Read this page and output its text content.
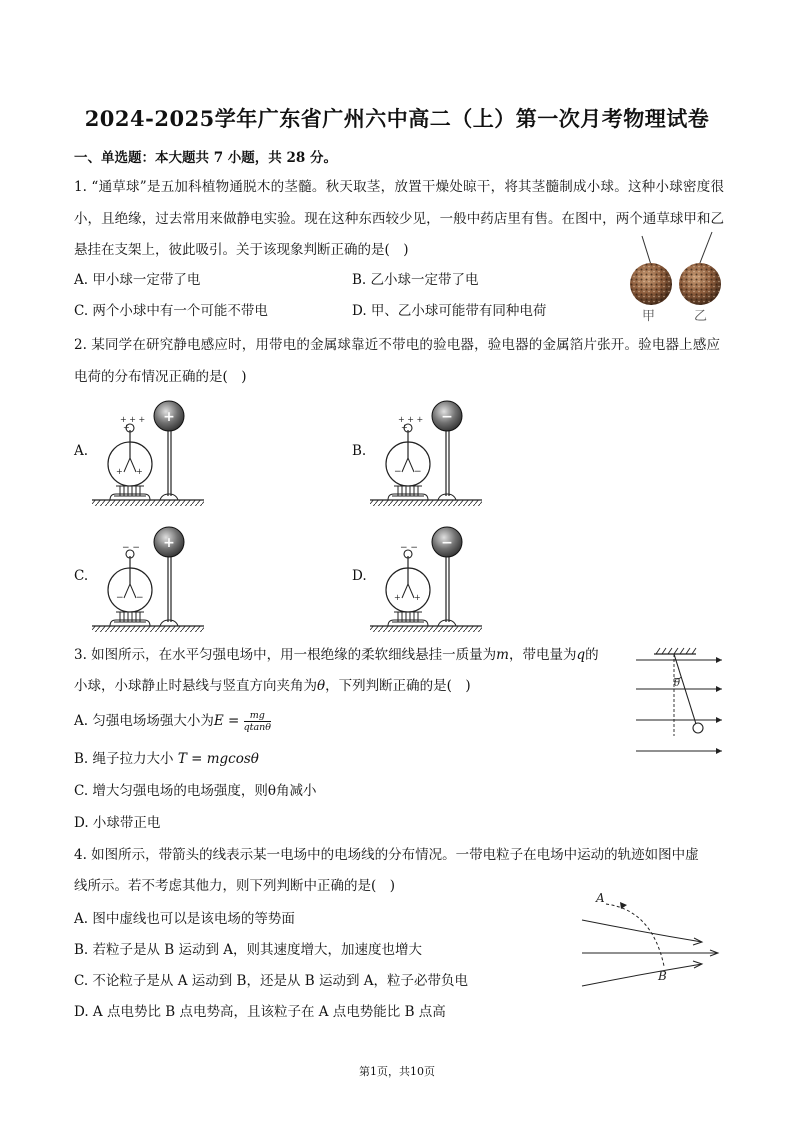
2024-2025学年广东省广州六中高二（上）第一次月考物理试卷
一、单选题：本大题共 7 小题，共 28 分。
1. “通草球”是五加科植物通脱木的茎髓。秋天取茎，放置干燥处晾干，将其茎髓制成小球。这种小球密度很小，且绝缘，过去常用来做静电实验。现在这种东西较少见，一般中药店里有售。在图中，两个通草球甲和乙悬挂在支架上，彼此吸引。关于该现象判断正确的是(　)
A. 甲小球一定带了电	B. 乙小球一定带了电
C. 两个小球中有一个可能不带电	D. 甲、乙小球可能带有同种电荷	甲	乙
2. 某同学在研究静电感应时，用带电的金属球靠近不带电的验电器，验电器的金属箔片张开。验电器上感应电荷的分布情况正确的是(　)
A.	B.
C.	D.
+ + +
+
+ +
+	+ + +
+
− −
−
− −
− −
+	− −
+ +
−
3. 如图所示，在水平匀强电场中，用一根绝缘的柔软细线悬挂一质量为m，带电量为q的
小球，小球静止时悬线与竖直方向夹角为θ，下列判断正确的是(　)
A. 匀强电场场强大小为$E = \frac{mg}{qtan\theta}$
B. 绳子拉力大小 T = mgcosθ
C. 增大匀强电场的电场强度，则θ角减小
D. 小球带正电
θ
4. 如图所示，带箭头的线表示某一电场中的电场线的分布情况。一带电粒子在电场中运动的轨迹如图中虚
线所示。若不考虑其他力，则下列判断中正确的是(　)
A. 图中虚线也可以是该电场的等势面
B. 若粒子是从 B 运动到 A，则其速度增大，加速度也增大
C. 不论粒子是从 A 运动到 B，还是从 B 运动到 A，粒子必带负电
D. A 点电势比 B 点电势高，且该粒子在 A 点电势能比 B 点高
A
B
第1页，共10页
